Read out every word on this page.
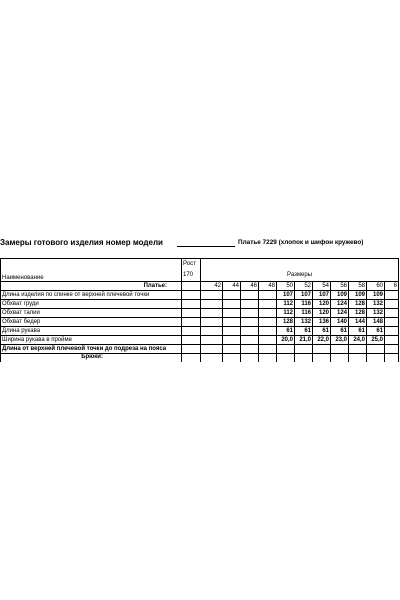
Замеры готового изделия номер модели	Платье 7229 (хлопок и шифон кружево)
	Рост											
Наименование	170	Размеры										
Платье:		42	44	46	48	50	52	54	56	58	60	6
Длина изделия по спинке от верхней плечевой точки						107	107	107	109	109	109	
Обхват груди						112	116	120	124	128	132	
Обхват талии						112	116	120	124	128	132	
Обхват бедер						128	132	136	140	144	148	
Длина рукава						61	61	61	61	61	61	
Ширина рукава в пройме						20,0	21,0	22,0	23,0	24,0	25,0	
Длина от верхней плечевой точки до подреза на пояса												
Брюки:												
